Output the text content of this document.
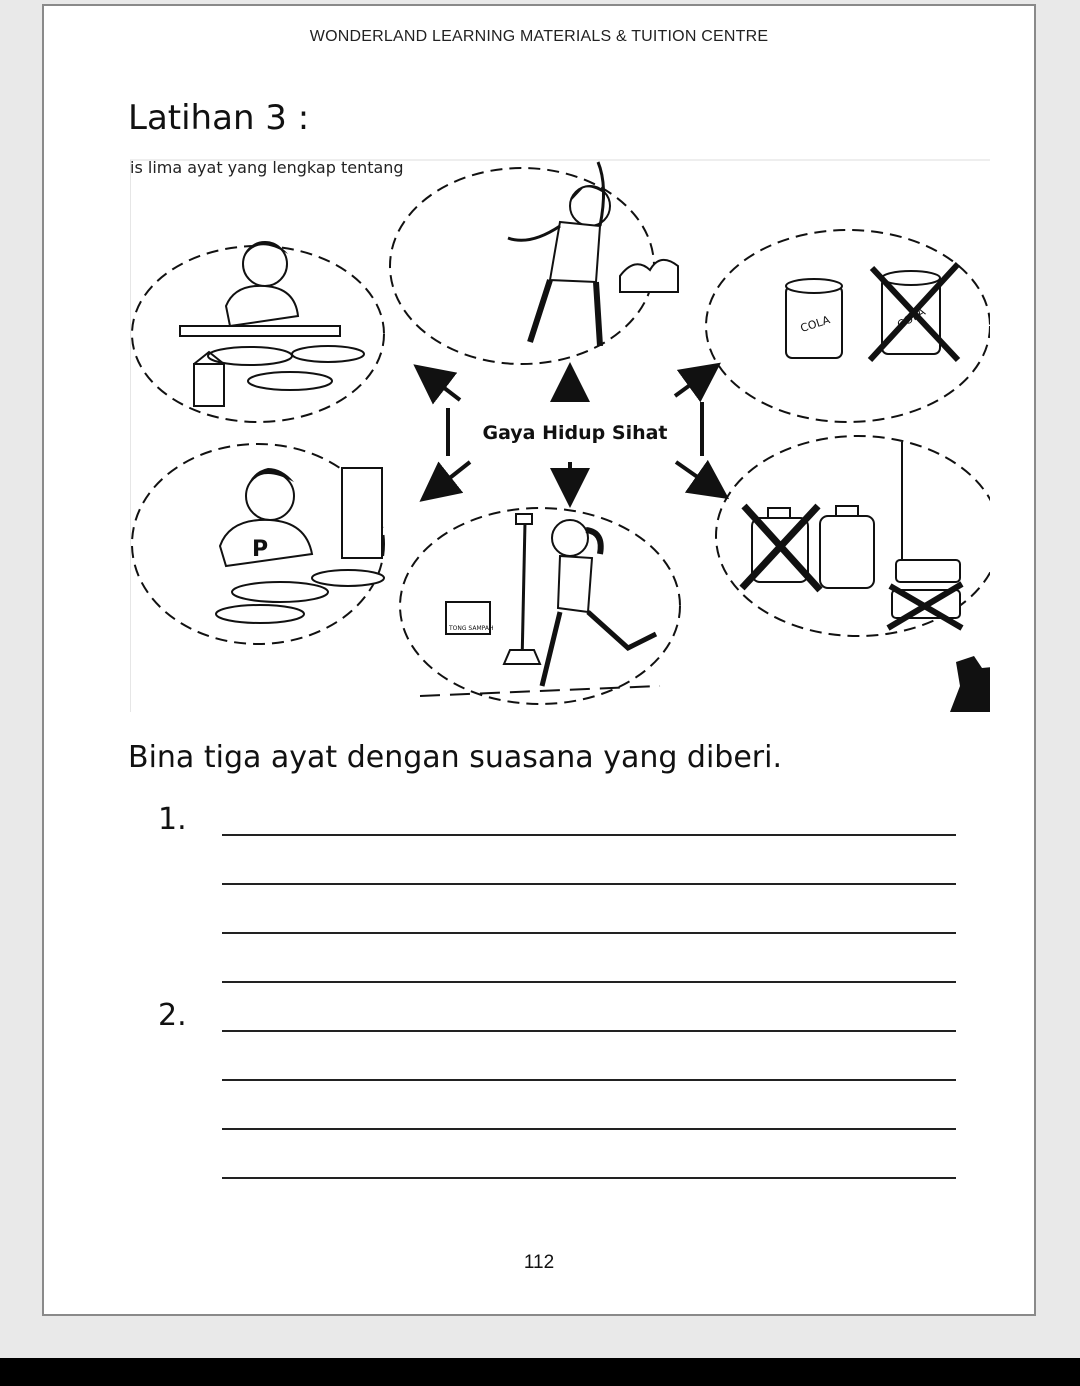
WONDERLAND LEARNING MATERIALS & TUITION CENTRE
Latihan 3 :
is lima ayat yang lengkap tentang
COLA
P
TONG SAMPAH
Gaya Hidup Sihat
Bina tiga ayat dengan suasana yang diberi.
1.
2.
112
